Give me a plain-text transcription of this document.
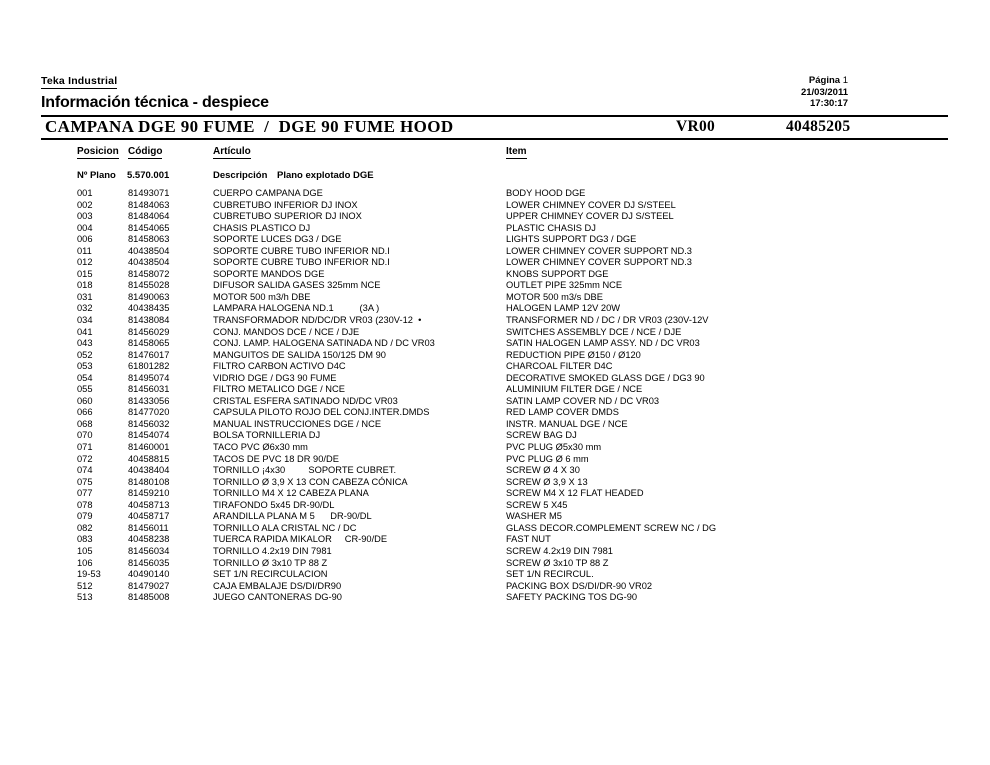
Teka Industrial
Información técnica - despiece
Página 1
21/03/2011
17:30:17
CAMPANA DGE 90 FUME  /  DGE 90 FUME HOOD	VR00	40485205
Posicion Código	Artículo	Item
Nº Plano 5.570.001	Descripción Plano explotado DGE
001	81493071	CUERPO CAMPANA DGE	BODY HOOD DGE
002	81484063	CUBRETUBO INFERIOR DJ INOX	LOWER CHIMNEY COVER DJ S/STEEL
003	81484064	CUBRETUBO SUPERIOR DJ INOX	UPPER CHIMNEY COVER DJ S/STEEL
004	81454065	CHASIS PLASTICO DJ	PLASTIC CHASIS DJ
006	81458063	SOPORTE LUCES DG3 / DGE	LIGHTS SUPPORT DG3 / DGE
011	40438504	SOPORTE CUBRE TUBO INFERIOR ND.I	LOWER CHIMNEY COVER SUPPORT ND.3
012	40438504	SOPORTE CUBRE TUBO INFERIOR ND.I	LOWER CHIMNEY COVER SUPPORT ND.3
015	81458072	SOPORTE MANDOS DGE	KNOBS SUPPORT DGE
018	81455028	DIFUSOR SALIDA GASES 325mm NCE	OUTLET PIPE 325mm NCE
031	81490063	MOTOR 500 m3/h DBE	MOTOR 500 m3/s DBE
032	40438435	LAMPARA HALOGENA ND.1          (3A )	HALOGEN LAMP 12V 20W
034	81438084	TRANSFORMADOR ND/DC/DR VR03 (230V-12  •	TRANSFORMER ND / DC / DR VR03 (230V-12V
041	81456029	CONJ. MANDOS DCE / NCE / DJE	SWITCHES ASSEMBLY DCE / NCE / DJE
043	81458065	CONJ. LAMP. HALOGENA SATINADA ND / DC VR03	SATIN HALOGEN LAMP ASSY. ND / DC VR03
052	81476017	MANGUITOS DE SALIDA 150/125 DM 90	REDUCTION PIPE Ø150 / Ø120
053	61801282	FILTRO CARBON ACTIVO D4C	CHARCOAL FILTER D4C
054	81495074	VIDRIO DGE / DG3 90 FUME	DECORATIVE SMOKED GLASS DGE / DG3 90
055	81456031	FILTRO METALICO DGE / NCE	ALUMINIUM FILTER DGE / NCE
060	81433056	CRISTAL ESFERA SATINADO ND/DC VR03	SATIN LAMP COVER ND / DC VR03
066	81477020	CAPSULA PILOTO ROJO DEL CONJ.INTER.DMDS	RED LAMP COVER DMDS
068	81456032	MANUAL INSTRUCCIONES DGE / NCE	INSTR. MANUAL DGE / NCE
070	81454074	BOLSA TORNILLERIA DJ	SCREW BAG DJ
071	81460001	TACO PVC Ø6x30 mm	PVC PLUG Ø5x30 mm
072	40458815	TACOS DE PVC 18 DR 90/DE	PVC PLUG Ø 6 mm
074	40438404	TORNILLO ¡4x30         SOPORTE CUBRET.	SCREW Ø 4 X 30
075	81480108	TORNILLO Ø 3,9 X 13 CON CABEZA CÓNICA	SCREW Ø 3,9 X 13
077	81459210	TORNILLO M4 X 12 CABEZA PLANA	SCREW M4 X 12 FLAT HEADED
078	40458713	TIRAFONDO 5x45 DR-90/DL	SCREW 5 X45
079	40458717	ARANDILLA PLANA M 5      DR-90/DL	WASHER M5
082	81456011	TORNILLO ALA CRISTAL NC / DC	GLASS DECOR.COMPLEMENT SCREW NC / DG
083	40458238	TUERCA RAPIDA MIKALOR     CR-90/DE	FAST NUT
105	81456034	TORNILLO 4.2x19 DIN 7981	SCREW 4.2x19 DIN 7981
106	81456035	TORNILLO Ø 3x10 TP 88 Z	SCREW Ø 3x10 TP 88 Z
19-53	40490140	SET 1/N RECIRCULACION	SET 1/N RECIRCUL.
512	81479027	CAJA EMBALAJE DS/DI/DR90	PACKING BOX DS/DI/DR-90 VR02
513	81485008	JUEGO CANTONERAS DG-90	SAFETY PACKING TOS DG-90
